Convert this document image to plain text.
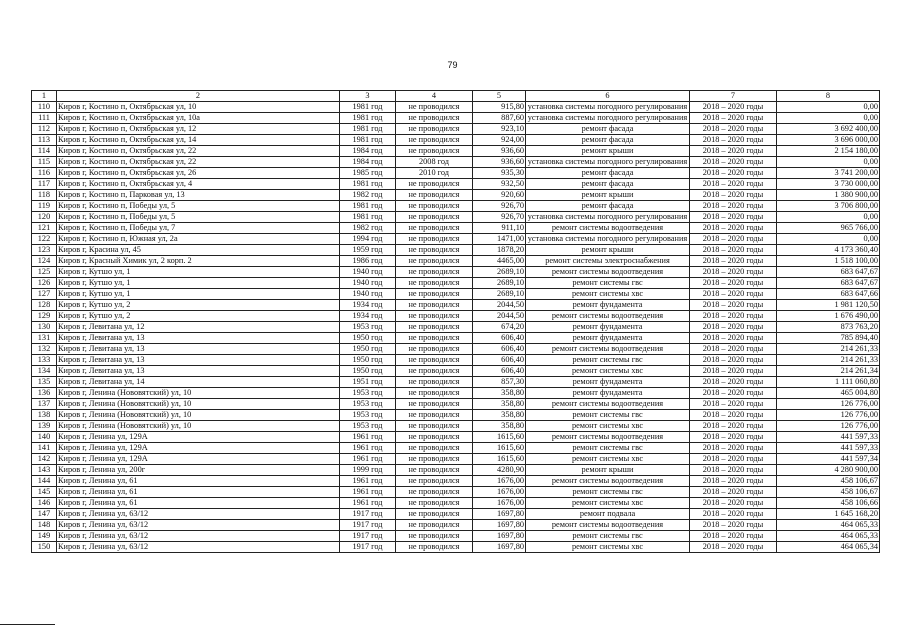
79
1	2	3	4	5	6	7	8
110	Киров г, Костино п, Октябрьская ул, 10	1981 год	не проводился	915,80	установка системы погодного регулирования	2018 – 2020 годы	0,00
111	Киров г, Костино п, Октябрьская ул, 10а	1981 год	не проводился	887,60	установка системы погодного регулирования	2018 – 2020 годы	0,00
112	Киров г, Костино п, Октябрьская ул, 12	1981 год	не проводился	923,10	ремонт фасада	2018 – 2020 годы	3 692 400,00
113	Киров г, Костино п, Октябрьская ул, 14	1981 год	не проводился	924,00	ремонт фасада	2018 – 2020 годы	3 696 000,00
114	Киров г, Костино п, Октябрьская ул, 22	1984 год	не проводился	936,60	ремонт крыши	2018 – 2020 годы	2 154 180,00
115	Киров г, Костино п, Октябрьская ул, 22	1984 год	2008 год	936,60	установка системы погодного регулирования	2018 – 2020 годы	0,00
116	Киров г, Костино п, Октябрьская ул, 26	1985 год	2010 год	935,30	ремонт фасада	2018 – 2020 годы	3 741 200,00
117	Киров г, Костино п, Октябрьская ул, 4	1981 год	не проводился	932,50	ремонт фасада	2018 – 2020 годы	3 730 000,00
118	Киров г, Костино п, Парковая ул, 13	1982 год	не проводился	920,60	ремонт крыши	2018 – 2020 годы	1 380 900,00
119	Киров г, Костино п, Победы ул, 5	1981 год	не проводился	926,70	ремонт фасада	2018 – 2020 годы	3 706 800,00
120	Киров г, Костино п, Победы ул, 5	1981 год	не проводился	926,70	установка системы погодного регулирования	2018 – 2020 годы	0,00
121	Киров г, Костино п, Победы ул, 7	1982 год	не проводился	911,10	ремонт системы водоотведения	2018 – 2020 годы	965 766,00
122	Киров г, Костино п, Южная ул, 2а	1994 год	не проводился	1471,00	установка системы погодного регулирования	2018 – 2020 годы	0,00
123	Киров г, Красина ул, 45	1959 год	не проводился	1878,20	ремонт крыши	2018 – 2020 годы	4 173 360,40
124	Киров г, Красный Химик ул, 2 корп. 2	1986 год	не проводился	4465,00	ремонт системы электроснабжения	2018 – 2020 годы	1 518 100,00
125	Киров г, Кутшо ул, 1	1940 год	не проводился	2689,10	ремонт системы водоотведения	2018 – 2020 годы	683 647,67
126	Киров г, Кутшо ул, 1	1940 год	не проводился	2689,10	ремонт системы гвс	2018 – 2020 годы	683 647,67
127	Киров г, Кутшо ул, 1	1940 год	не проводился	2689,10	ремонт системы хвс	2018 – 2020 годы	683 647,66
128	Киров г, Кутшо ул, 2	1934 год	не проводился	2044,50	ремонт фундамента	2018 – 2020 годы	1 981 120,50
129	Киров г, Кутшо ул, 2	1934 год	не проводился	2044,50	ремонт системы водоотведения	2018 – 2020 годы	1 676 490,00
130	Киров г, Левитана ул, 12	1953 год	не проводился	674,20	ремонт фундамента	2018 – 2020 годы	873 763,20
131	Киров г, Левитана ул, 13	1950 год	не проводился	606,40	ремонт фундамента	2018 – 2020 годы	785 894,40
132	Киров г, Левитана ул, 13	1950 год	не проводился	606,40	ремонт системы водоотведения	2018 – 2020 годы	214 261,33
133	Киров г, Левитана ул, 13	1950 год	не проводился	606,40	ремонт системы гвс	2018 – 2020 годы	214 261,33
134	Киров г, Левитана ул, 13	1950 год	не проводился	606,40	ремонт системы хвс	2018 – 2020 годы	214 261,34
135	Киров г, Левитана ул, 14	1951 год	не проводился	857,30	ремонт фундамента	2018 – 2020 годы	1 111 060,80
136	Киров г, Ленина (Нововятский) ул, 10	1953 год	не проводился	358,80	ремонт фундамента	2018 – 2020 годы	465 004,80
137	Киров г, Ленина (Нововятский) ул, 10	1953 год	не проводился	358,80	ремонт системы водоотведения	2018 – 2020 годы	126 776,00
138	Киров г, Ленина (Нововятский) ул, 10	1953 год	не проводился	358,80	ремонт системы гвс	2018 – 2020 годы	126 776,00
139	Киров г, Ленина (Нововятский) ул, 10	1953 год	не проводился	358,80	ремонт системы хвс	2018 – 2020 годы	126 776,00
140	Киров г, Ленина ул, 129А	1961 год	не проводился	1615,60	ремонт системы водоотведения	2018 – 2020 годы	441 597,33
141	Киров г, Ленина ул, 129А	1961 год	не проводился	1615,60	ремонт системы гвс	2018 – 2020 годы	441 597,33
142	Киров г, Ленина ул, 129А	1961 год	не проводился	1615,60	ремонт системы хвс	2018 – 2020 годы	441 597,34
143	Киров г, Ленина ул, 200г	1999 год	не проводился	4280,90	ремонт крыши	2018 – 2020 годы	4 280 900,00
144	Киров г, Ленина ул, 61	1961 год	не проводился	1676,00	ремонт системы водоотведения	2018 – 2020 годы	458 106,67
145	Киров г, Ленина ул, 61	1961 год	не проводился	1676,00	ремонт системы гвс	2018 – 2020 годы	458 106,67
146	Киров г, Ленина ул, 61	1961 год	не проводился	1676,00	ремонт системы хвс	2018 – 2020 годы	458 106,66
147	Киров г, Ленина ул, 63/12	1917 год	не проводился	1697,80	ремонт подвала	2018 – 2020 годы	1 645 168,20
148	Киров г, Ленина ул, 63/12	1917 год	не проводился	1697,80	ремонт системы водоотведения	2018 – 2020 годы	464 065,33
149	Киров г, Ленина ул, 63/12	1917 год	не проводился	1697,80	ремонт системы гвс	2018 – 2020 годы	464 065,33
150	Киров г, Ленина ул, 63/12	1917 год	не проводился	1697,80	ремонт системы хвс	2018 – 2020 годы	464 065,34
